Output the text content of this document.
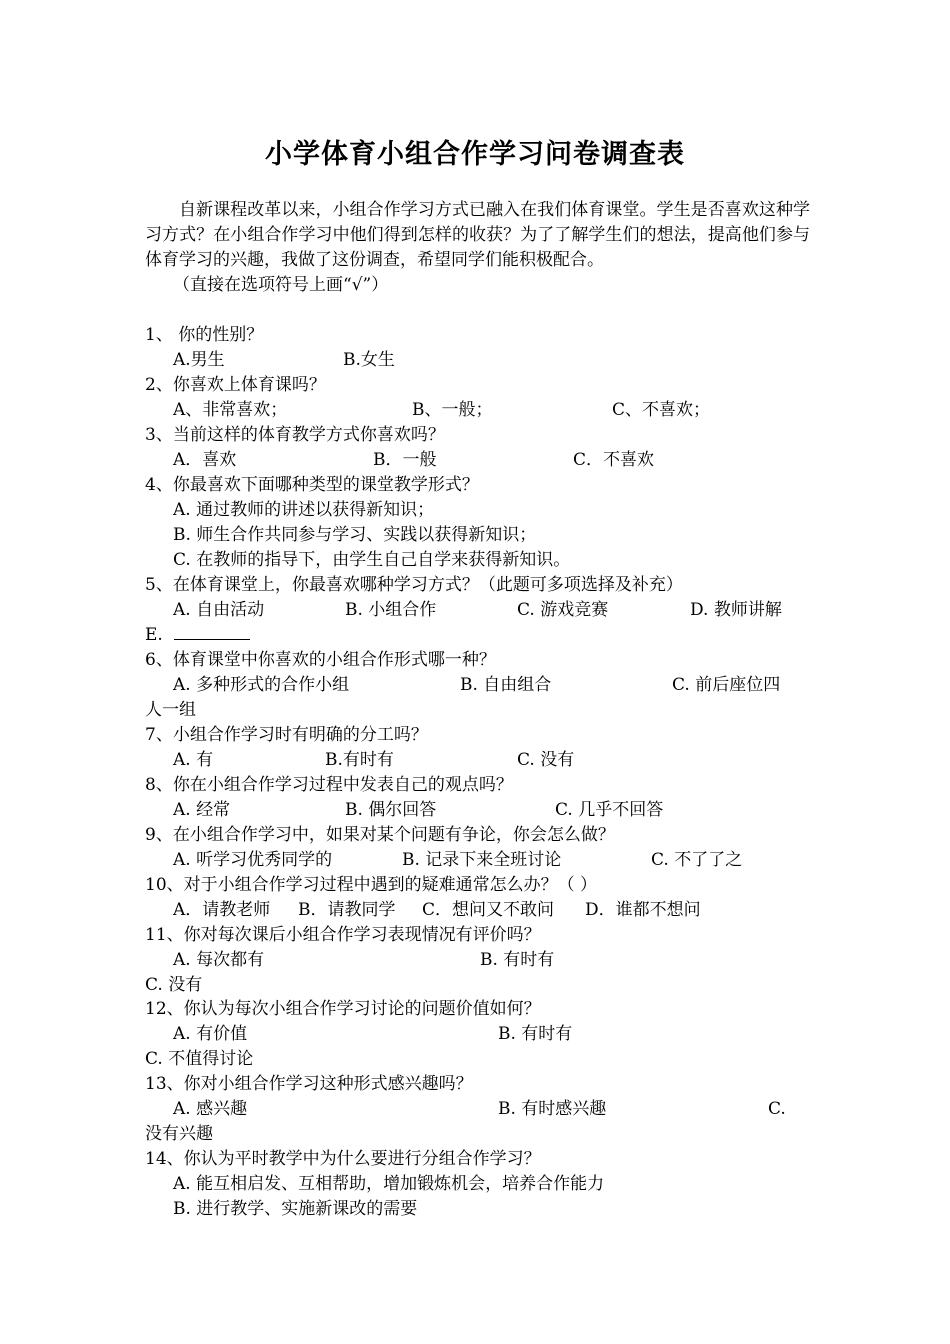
小学体育小组合作学习问卷调查表
自新课程改革以来，小组合作学习方式已融入在我们体育课堂。学生是否喜欢这种学习方式？在小组合作学习中他们得到怎样的收获？为了了解学生们的想法，提高他们参与体育学习的兴趣，我做了这份调查，希望同学们能积极配合。
（直接在选项符号上画“√”）
1、 你的性别？
A.男生	B.女生
2、你喜欢上体育课吗？
A、非常喜欢；	B、一般；	C、不喜欢；
3、当前这样的体育教学方式你喜欢吗？
A．喜欢	B．一般	C．不喜欢
4、你最喜欢下面哪种类型的课堂教学形式？
A. 通过教师的讲述以获得新知识；
B. 师生合作共同参与学习、实践以获得新知识；
C. 在教师的指导下，由学生自己自学来获得新知识。
5、在体育课堂上，你最喜欢哪种学习方式？（此题可多项选择及补充）
A. 自由活动	B. 小组合作	C. 游戏竞赛	D. 教师讲解
E.
6、体育课堂中你喜欢的小组合作形式哪一种？
A. 多种形式的合作小组	B. 自由组合	C. 前后座位四
人一组
7、小组合作学习时有明确的分工吗？
A. 有	B.有时有	C. 没有
8、你在小组合作学习过程中发表自己的观点吗？
A. 经常	B. 偶尔回答	C. 几乎不回答
9、在小组合作学习中，如果对某个问题有争论，你会怎么做？
A. 听学习优秀同学的	B. 记录下来全班讨论	C. 不了了之
10、对于小组合作学习过程中遇到的疑难通常怎么办？（ ）
A．请教老师 B．请教同学 C．想问又不敢问 D．谁都不想问
11、你对每次课后小组合作学习表现情况有评价吗？
A. 每次都有	B. 有时有
C. 没有
12、你认为每次小组合作学习讨论的问题价值如何？
A. 有价值	B. 有时有
C. 不值得讨论
13、你对小组合作学习这种形式感兴趣吗？
A. 感兴趣	B. 有时感兴趣	C.
没有兴趣
14、你认为平时教学中为什么要进行分组合作学习？
A. 能互相启发、互相帮助，增加锻炼机会，培养合作能力
B. 进行教学、实施新课改的需要
